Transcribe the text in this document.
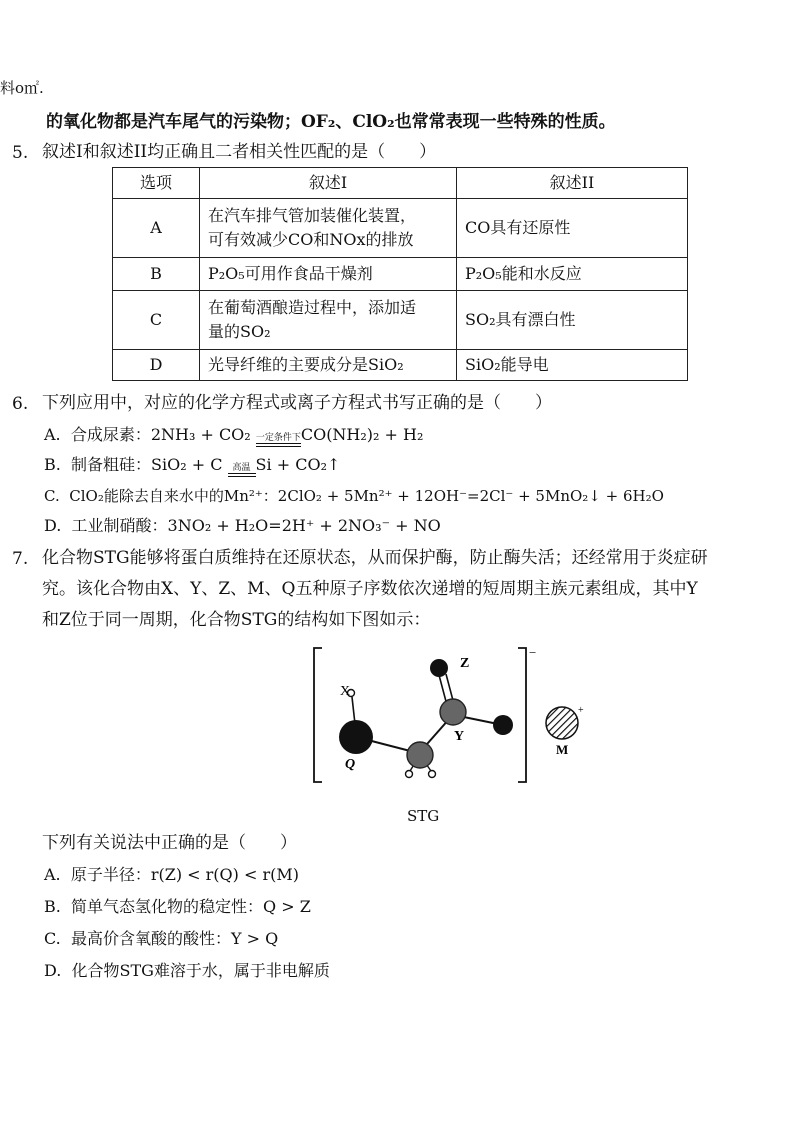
料ο㎡.
的氧化物都是汽车尾气的污染物；OF₂、ClO₂也常常表现一些特殊的性质。
5. 叙述I和叙述II均正确且二者相关性匹配的是（　　）
选项	叙述I	叙述II
A	在汽车排气管加装催化装置，
可有效减少CO和NOx的排放	CO具有还原性
B	P₂O₅可用作食品干燥剂	P₂O₅能和水反应
C	在葡萄酒酿造过程中，添加适
量的SO₂	SO₂具有漂白性
D	光导纤维的主要成分是SiO₂	SiO₂能导电
6. 下列应用中，对应的化学方程式或离子方程式书写正确的是（　　）
A. 合成尿素：2NH₃ + CO₂ 一定条件下 CO(NH₂)₂ + H₂
B. 制备粗硅：SiO₂ + C 高温 Si + CO₂↑
C. ClO₂能除去自来水中的Mn²⁺：2ClO₂ + 5Mn²⁺ + 12OH⁻=2Cl⁻ + 5MnO₂↓ + 6H₂O
D. 工业制硝酸：3NO₂ + H₂O=2H⁺ + 2NO₃⁻ + NO
7. 化合物STG能够将蛋白质维持在还原状态，从而保护酶，防止酶失活；还经常用于炎症研
究。该化合物由X、Y、Z、M、Q五种原子序数依次递增的短周期主族元素组成，其中Y
和Z位于同一周期，化合物STG的结构如下图如示：
X
Z
Y
Q
M
−
+
STG
下列有关说法中正确的是（　　）
A. 原子半径：r(Z) < r(Q) < r(M)
B. 简单气态氢化物的稳定性：Q > Z
C. 最高价含氧酸的酸性：Y > Q
D. 化合物STG难溶于水，属于非电解质
